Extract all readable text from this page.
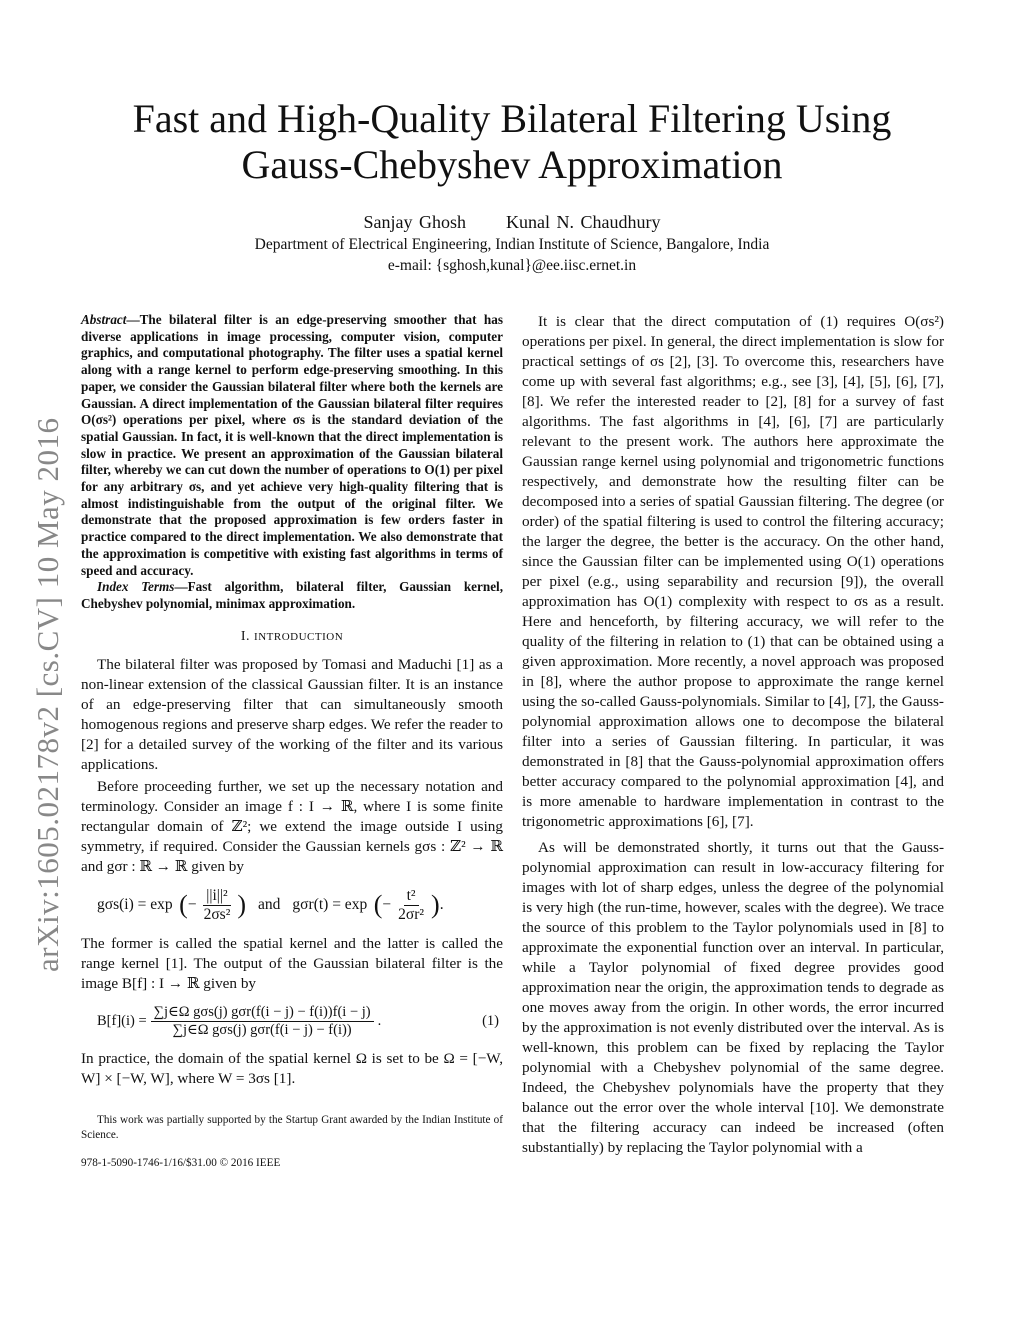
arXiv:1605.02178v2 [cs.CV] 10 May 2016
Fast and High-Quality Bilateral Filtering Using
Gauss-Chebyshev Approximation
Sanjay Ghosh Kunal N. Chaudhury
Department of Electrical Engineering, Indian Institute of Science, Bangalore, India
e-mail: {sghosh,kunal}@ee.iisc.ernet.in

Abstract—The bilateral filter is an edge-preserving smoother that has diverse applications in image processing, computer vision, computer graphics, and computational photography. The filter uses a spatial kernel along with a range kernel to perform edge-preserving smoothing. In this paper, we consider the Gaussian bilateral filter where both the kernels are Gaussian. A direct implementation of the Gaussian bilateral filter requires O(σs²) operations per pixel, where σs is the standard deviation of the spatial Gaussian. In fact, it is well-known that the direct implementation is slow in practice. We present an approximation of the Gaussian bilateral filter, whereby we can cut down the number of operations to O(1) per pixel for any arbitrary σs, and yet achieve very high-quality filtering that is almost indistinguishable from the output of the original filter. We demonstrate that the proposed approximation is few orders faster in practice compared to the direct implementation. We also demonstrate that the approximation is competitive with existing fast algorithms in terms of speed and accuracy.

Index Terms—Fast algorithm, bilateral filter, Gaussian kernel, Chebyshev polynomial, minimax approximation.

I. INTRODUCTION

The bilateral filter was proposed by Tomasi and Maduchi [1] as a non-linear extension of the classical Gaussian filter. It is an instance of an edge-preserving filter that can simultaneously smooth homogenous regions and preserve sharp edges. We refer the reader to [2] for a detailed survey of the working of the filter and its various applications.

Before proceeding further, we set up the necessary notation and terminology. Consider an image f : I → ℝ, where I is some finite rectangular domain of ℤ²; we extend the image outside I using symmetry, if required. Consider the Gaussian kernels gσs : ℤ² → ℝ and gσr : ℝ → ℝ given by

gσs(i) = exp ( − $\frac{\text{||i||²}}{\text{2σs²}}$ ) and gσr(t) = exp ( − $\frac{\text{t²}}{\text{2σr²}}$ ) .

The former is called the spatial kernel and the latter is called the range kernel [1]. The output of the Gaussian bilateral filter is the image B[f] : I → ℝ given by

$B[f](i) = \frac{\text{∑j∈Ω gσs(j) gσr(f(i − j) − f(i))f(i − j)}}{\text{∑j∈Ω gσs(j) gσr(f(i − j) − f(i))}}$ .	(1)

In practice, the domain of the spatial kernel Ω is set to be Ω = [−W, W] × [−W, W], where W = 3σs [1].

This work was partially supported by the Startup Grant awarded by the Indian Institute of Science.
978-1-5090-1746-1/16/$31.00 © 2016 IEEE

It is clear that the direct computation of (1) requires O(σs²) operations per pixel. In general, the direct implementation is slow for practical settings of σs [2], [3]. To overcome this, researchers have come up with several fast algorithms; e.g., see [3], [4], [5], [6], [7], [8]. We refer the interested reader to [2], [8] for a survey of fast algorithms. The fast algorithms in [4], [6], [7] are particularly relevant to the present work. The authors here approximate the Gaussian range kernel using polynomial and trigonometric functions respectively, and demonstrate how the resulting filter can be decomposed into a series of spatial Gaussian filtering. The degree (or order) of the spatial filtering is used to control the filtering accuracy; the larger the degree, the better is the accuracy. On the other hand, since the Gaussian filter can be implemented using O(1) operations per pixel (e.g., using separability and recursion [9]), the overall approximation has O(1) complexity with respect to σs as a result. Here and henceforth, by filtering accuracy, we will refer to the quality of the filtering in relation to (1) that can be obtained using a given approximation. More recently, a novel approach was proposed in [8], where the author propose to approximate the range kernel using the so-called Gauss-polynomials. Similar to [4], [7], the Gauss-polynomial approximation allows one to decompose the bilateral filter into a series of Gaussian filtering. In particular, it was demonstrated in [8] that the Gauss-polynomial approximation offers better accuracy compared to the polynomial approximation [4], and is more amenable to hardware implementation in contrast to the trigonometric approximations [6], [7].

As will be demonstrated shortly, it turns out that the Gauss-polynomial approximation can result in low-accuracy filtering for images with lot of sharp edges, unless the degree of the polynomial is very high (the run-time, however, scales with the degree). We trace the source of this problem to the Taylor polynomials used in [8] to approximate the exponential function over an interval. In particular, while a Taylor polynomial of fixed degree provides good approximation near the origin, the approximation tends to degrade as one moves away from the origin. In other words, the error incurred by the approximation is not evenly distributed over the interval. As is well-known, this problem can be fixed by replacing the Taylor polynomial with a Chebyshev polynomial of the same degree. Indeed, the Chebyshev polynomials have the property that they balance out the error over the whole interval [10]. We demonstrate that the filtering accuracy can indeed be increased (often substantially) by replacing the Taylor polynomial with a
